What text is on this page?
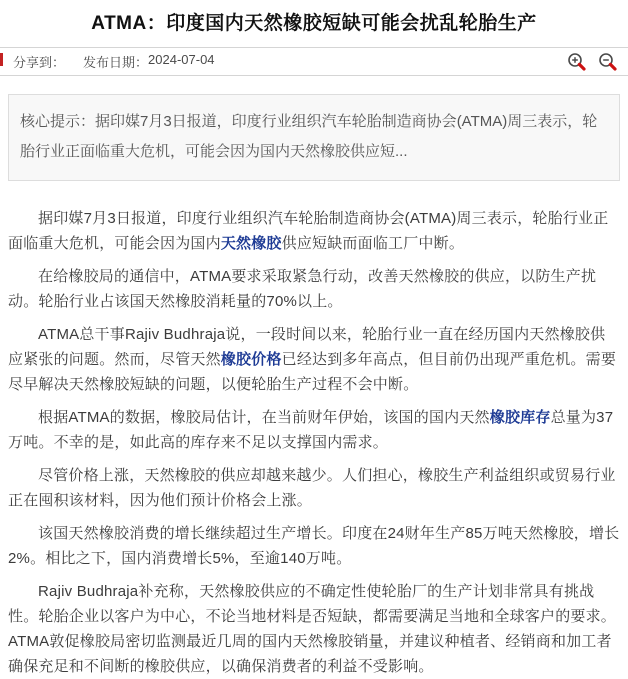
ATMA：印度国内天然橡胶短缺可能会扰乱轮胎生产
分享到： 发布日期： 2024-07-04
核心提示：据印媒7月3日报道，印度行业组织汽车轮胎制造商协会(ATMA)周三表示，轮胎行业正面临重大危机，可能会因为国内天然橡胶供应短...

据印媒7月3日报道，印度行业组织汽车轮胎制造商协会(ATMA)周三表示，轮胎行业正面临重大危机，可能会因为国内天然橡胶供应短缺而面临工厂中断。

在给橡胶局的通信中，ATMA要求采取紧急行动，改善天然橡胶的供应，以防生产扰动。轮胎行业占该国天然橡胶消耗量的70%以上。

ATMA总干事Rajiv Budhraja说，一段时间以来，轮胎行业一直在经历国内天然橡胶供应紧张的问题。然而，尽管天然橡胶价格已经达到多年高点，但目前仍出现严重危机。需要尽早解决天然橡胶短缺的问题，以便轮胎生产过程不会中断。

根据ATMA的数据，橡胶局估计，在当前财年伊始，该国的国内天然橡胶库存总量为37万吨。不幸的是，如此高的库存来不足以支撑国内需求。

尽管价格上涨，天然橡胶的供应却越来越少。人们担心，橡胶生产利益组织或贸易行业正在囤积该材料，因为他们预计价格会上涨。

该国天然橡胶消费的增长继续超过生产增长。印度在24财年生产85万吨天然橡胶，增长2%。相比之下，国内消费增长5%，至逾140万吨。

Rajiv Budhraja补充称，天然橡胶供应的不确定性使轮胎厂的生产计划非常具有挑战性。轮胎企业以客户为中心，不论当地材料是否短缺，都需要满足当地和全球客户的要求。ATMA敦促橡胶局密切监测最近几周的国内天然橡胶销量，并建议种植者、经销商和加工者确保充足和不间断的橡胶供应，以确保消费者的利益不受影响。
